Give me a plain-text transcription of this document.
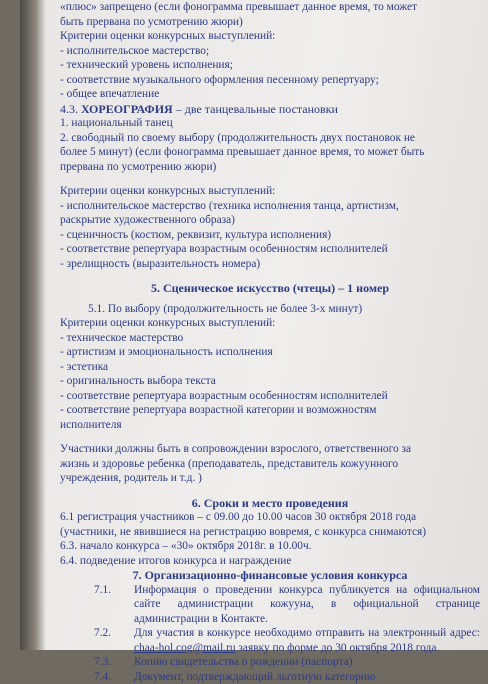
«плюс» запрещено (если фонограмма превышает данное время, то может
быть прервана по усмотрению жюри)
Критерии оценки конкурсных выступлений:
- исполнительское мастерство;
- технический уровень исполнения;
- соответствие музыкального оформления песенному репертуару;
- общее впечатление
4.3. ХОРЕОГРАФИЯ – две танцевальные постановки
1. национальный танец
2. свободный по своему выбору (продолжительность двух постановок не
более 5 минут) (если фонограмма превышает данное время, то может быть
прервана по усмотрению жюри)
Критерии оценки конкурсных выступлений:
- исполнительское мастерство (техника исполнения танца, артистизм,
раскрытие художественного образа)
- сценичность (костюм, реквизит, культура исполнения)
- соответствие репертуара возрастным особенностям исполнителей
- зрелищность (выразительность номера)
5. Сценическое искусство (чтецы) – 1 номер
5.1. По выбору (продолжительность не более 3-х минут)
Критерии оценки конкурсных выступлений:
- техническое мастерство
- артистизм и эмоциональность исполнения
- эстетика
- оригинальность выбора текста
- соответствие репертуара возрастным особенностям исполнителей
- соответствие репертуара возрастной категории и возможностям
исполнителя
Участники должны быть в сопровождении взрослого, ответственного за
жизнь и здоровье ребенка (преподаватель, представитель кожуунного
учреждения, родитель и т.д. )
6. Сроки и место проведения
6.1 регистрация участников – с 09.00 до 10.00 часов 30 октября 2018 года
(участники, не явившиеся на регистрацию вовремя, с конкурса снимаются)
6.3. начало конкурса – «30» октября 2018г. в 10.00ч.
6.4. подведение итогов конкурса и награждение
7. Организационно-финансовые условия конкурса
7.1.	Информация о проведении конкурса публикуется на официальном сайте администрации кожууна, в официальной странице администрации в Контакте.
7.2.	Для участия в конкурсе необходимо отправить на электронный адрес: chaa-hol.cog@mail.ru заявку по форме до 30 октября 2018 года.
7.3.	Копию свидетельства о рождении (паспорта)
7.4.	Документ, подтверждающий льготную категорию
